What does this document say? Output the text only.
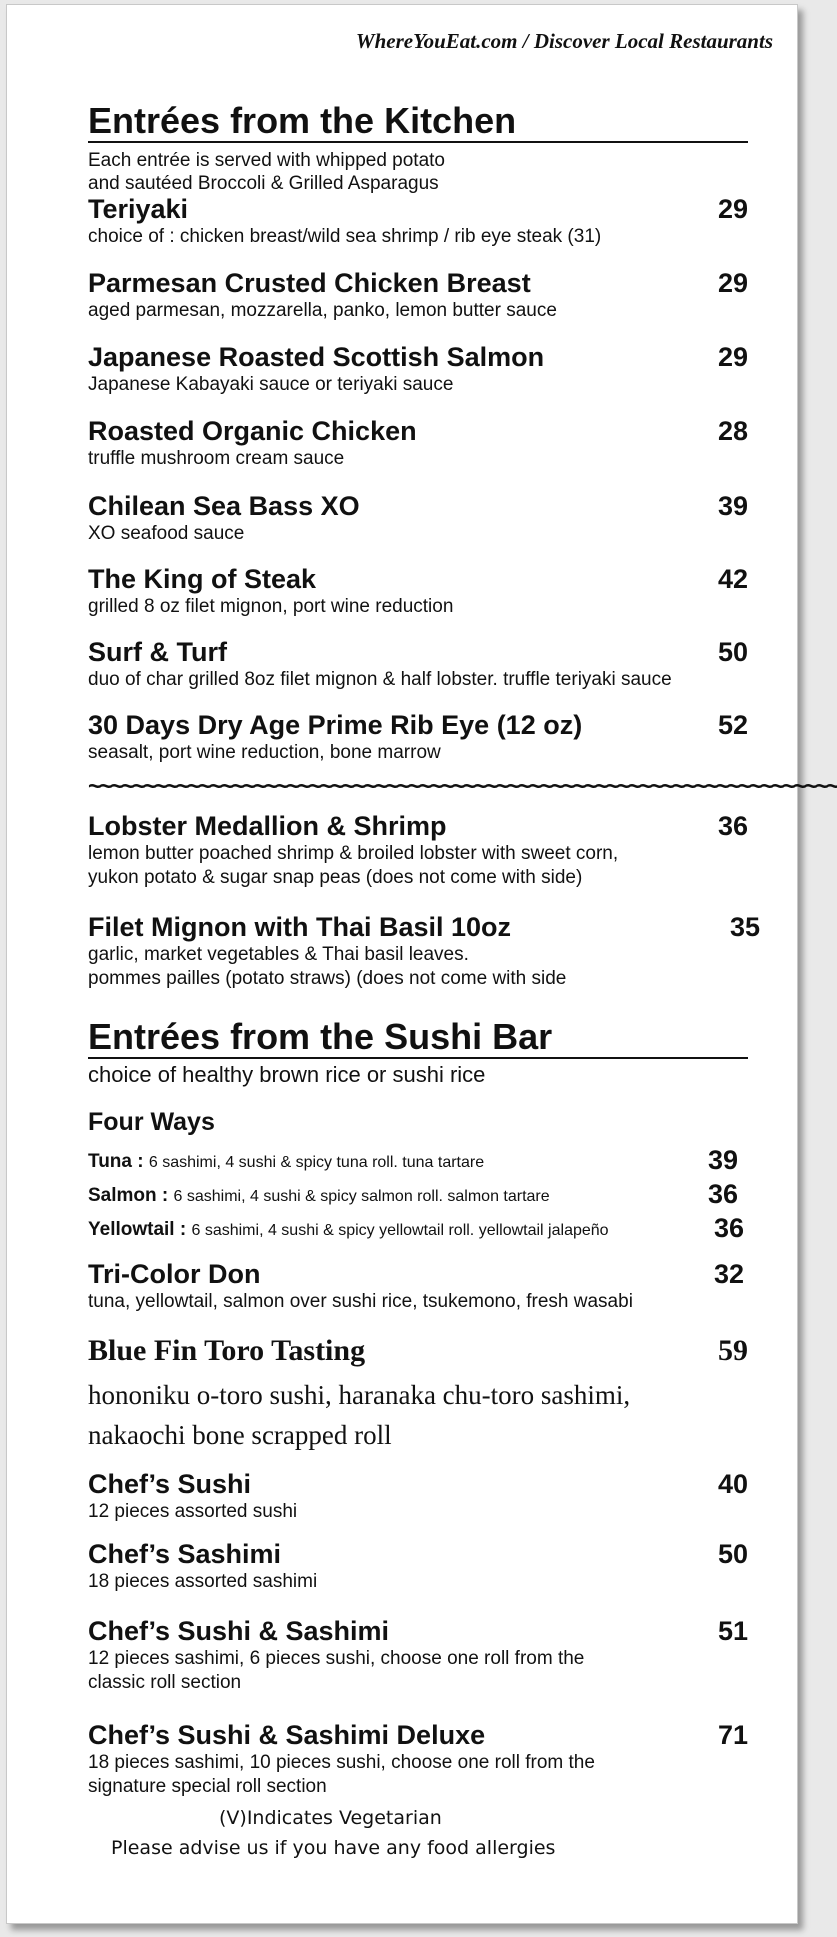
WhereYouEat.com / Discover Local Restaurants
Entrées from the Kitchen
Each entrée is served with whipped potato
and sautéed Broccoli & Grilled Asparagus
Teriyaki	29
choice of : chicken breast/wild sea shrimp / rib eye steak (31)
Parmesan Crusted Chicken Breast	29
aged parmesan, mozzarella, panko, lemon butter sauce
Japanese Roasted Scottish Salmon	29
Japanese Kabayaki sauce or teriyaki sauce
Roasted Organic Chicken	28
truffle mushroom cream sauce
Chilean Sea Bass XO	39
XO seafood sauce
The King of Steak	42
grilled 8 oz filet mignon, port wine reduction
Surf & Turf	50
duo of char grilled 8oz filet mignon & half lobster. truffle teriyaki sauce
30 Days Dry Age Prime Rib Eye (12 oz)	52
seasalt, port wine reduction, bone marrow
~~~~~~~~~~~~~~~~~~~~~~~~~~~~~~~~~~~~~~~~~~~~~~~~~~~~~~~~~~~~~~~~~~~~
Lobster Medallion & Shrimp	36
lemon butter poached shrimp & broiled lobster with sweet corn,
yukon potato & sugar snap peas (does not come with side)
Filet Mignon with Thai Basil 10oz	35
garlic, market vegetables & Thai basil leaves.
pommes pailles (potato straws) (does not come with side
Entrées from the Sushi Bar
choice of healthy brown rice or sushi rice
Four Ways
Tuna : 6 sashimi, 4 sushi & spicy tuna roll. tuna tartare	39
Salmon : 6 sashimi, 4 sushi & spicy salmon roll. salmon tartare	36
Yellowtail : 6 sashimi, 4 sushi & spicy yellowtail roll. yellowtail jalapeño	36
Tri-Color Don	32
tuna, yellowtail, salmon over sushi rice, tsukemono, fresh wasabi
Blue Fin Toro Tasting	59
hononiku o-toro sushi, haranaka chu-toro sashimi,
nakaochi bone scrapped roll
Chef’s Sushi	40
12 pieces assorted sushi
Chef’s Sashimi	50
18 pieces assorted sashimi
Chef’s Sushi & Sashimi	51
12 pieces sashimi, 6 pieces sushi, choose one roll from the
classic roll section
Chef’s Sushi & Sashimi Deluxe	71
18 pieces sashimi, 10 pieces sushi, choose one roll from the
signature special roll section
(V)Indicates Vegetarian
Please advise us if you have any food allergies
